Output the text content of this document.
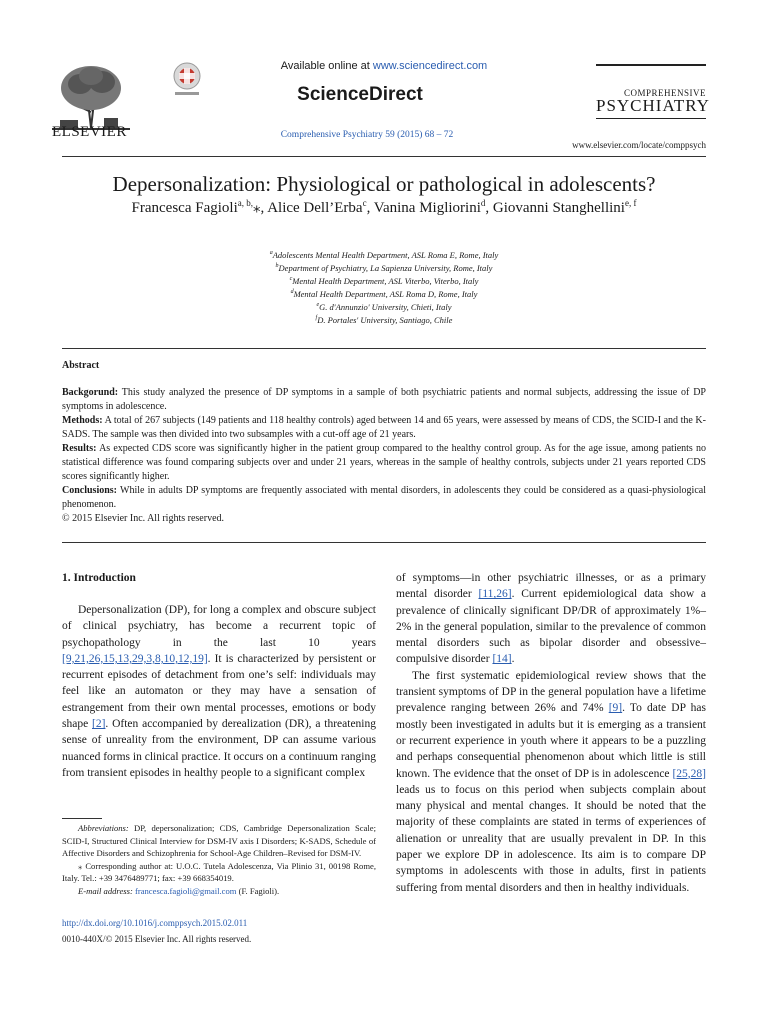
ELSEVIER
Available online at www.sciencedirect.com
ScienceDirect
Comprehensive Psychiatry 59 (2015) 68 – 72
COMPREHENSIVE
PSYCHIATRY
www.elsevier.com/locate/comppsych
Depersonalization: Physiological or pathological in adolescents?
Francesca Fagioli$^{a, b,}$⁎, Alice Dell’Erba$^c$, Vanina Migliorini$^d$, Giovanni Stanghellini$^{e, f}$
$^a$Adolescents Mental Health Department, ASL Roma E, Rome, Italy
$^b$Department of Psychiatry, La Sapienza University, Rome, Italy
$^c$Mental Health Department, ASL Viterbo, Viterbo, Italy
$^d$Mental Health Department, ASL Roma D, Rome, Italy
$^e$G. d'Annunzio' University, Chieti, Italy
$^f$D. Portales' University, Santiago, Chile
Abstract

Backgorund: This study analyzed the presence of DP symptoms in a sample of both psychiatric patients and normal subjects, addressing the issue of DP symptoms in adolescence.

Methods: A total of 267 subjects (149 patients and 118 healthy controls) aged between 14 and 65 years, were assessed by means of CDS, the SCID-I and the K-SADS. The sample was then divided into two subsamples with a cut-off age of 21 years.

Results: As expected CDS score was significantly higher in the patient group compared to the healthy control group. As for the age issue, among patients no statistical difference was found comparing subjects over and under 21 years, whereas in the sample of healthy controls, subjects under 21 years reported CDS scores significantly higher.

Conclusions: While in adults DP symptoms are frequently associated with mental disorders, in adolescents they could be considered as a quasi-physiological phenomenon.

© 2015 Elsevier Inc. All rights reserved.

1. Introduction

Depersonalization (DP), for long a complex and obscure subject of clinical psychiatry, has become a recurrent topic of psychopathology in the last 10 years [9,21,26,15,13,29,3,8,10,12,19]. It is characterized by persistent or recurrent episodes of detachment from one’s self: individuals may feel like an automaton or they may have a sensation of estrangement from their own mental processes, emotions or body shape [2]. Often accompanied by derealization (DR), a threatening sense of unreality from the environment, DP can assume various nuanced forms in clinical practice. It occurs on a continuum ranging from transient episodes in healthy people to a significant complex

of symptoms—in other psychiatric illnesses, or as a primary mental disorder [11,26]. Current epidemiological data show a prevalence of clinically significant DP/DR of approximately 1%–2% in the general population, similar to the prevalence of common mental disorders such as bipolar disorder and obsessive–compulsive disorder [14].

The first systematic epidemiological review shows that the transient symptoms of DP in the general population have a lifetime prevalence ranging between 26% and 74% [9]. To date DP has mostly been investigated in adults but it is emerging as a transient or recurrent experience in youth where it appears to be a puzzling and perhaps consequential phenomenon about which little is still known. The evidence that the onset of DP is in adolescence [25,28] leads us to focus on this period when subjects complain about many physical and mental changes. It should be noted that the majority of these complaints are stated in terms of experiences of alienation or unreality that are usually prevalent in DP. In this paper we explore DP in adolescence. Its aim is to compare DP symptoms in adolescents with those in adults, first in patients suffering from mental disorders and then in healthy individuals.

Abbreviations: DP, depersonalization; CDS, Cambridge Depersonalization Scale; SCID-I, Structured Clinical Interview for DSM-IV axis I Disorders; K-SADS, Schedule of Affective Disorders and Schizophrenia for School-Age Children–Revised for DSM-IV.

⁎ Corresponding author at: U.O.C. Tutela Adolescenza, Via Plinio 31, 00198 Rome, Italy. Tel.: +39 3476489771; fax: +39 668354019.

E-mail address: francesca.fagioli@gmail.com (F. Fagioli).

http://dx.doi.org/10.1016/j.comppsych.2015.02.011
0010-440X/© 2015 Elsevier Inc. All rights reserved.
